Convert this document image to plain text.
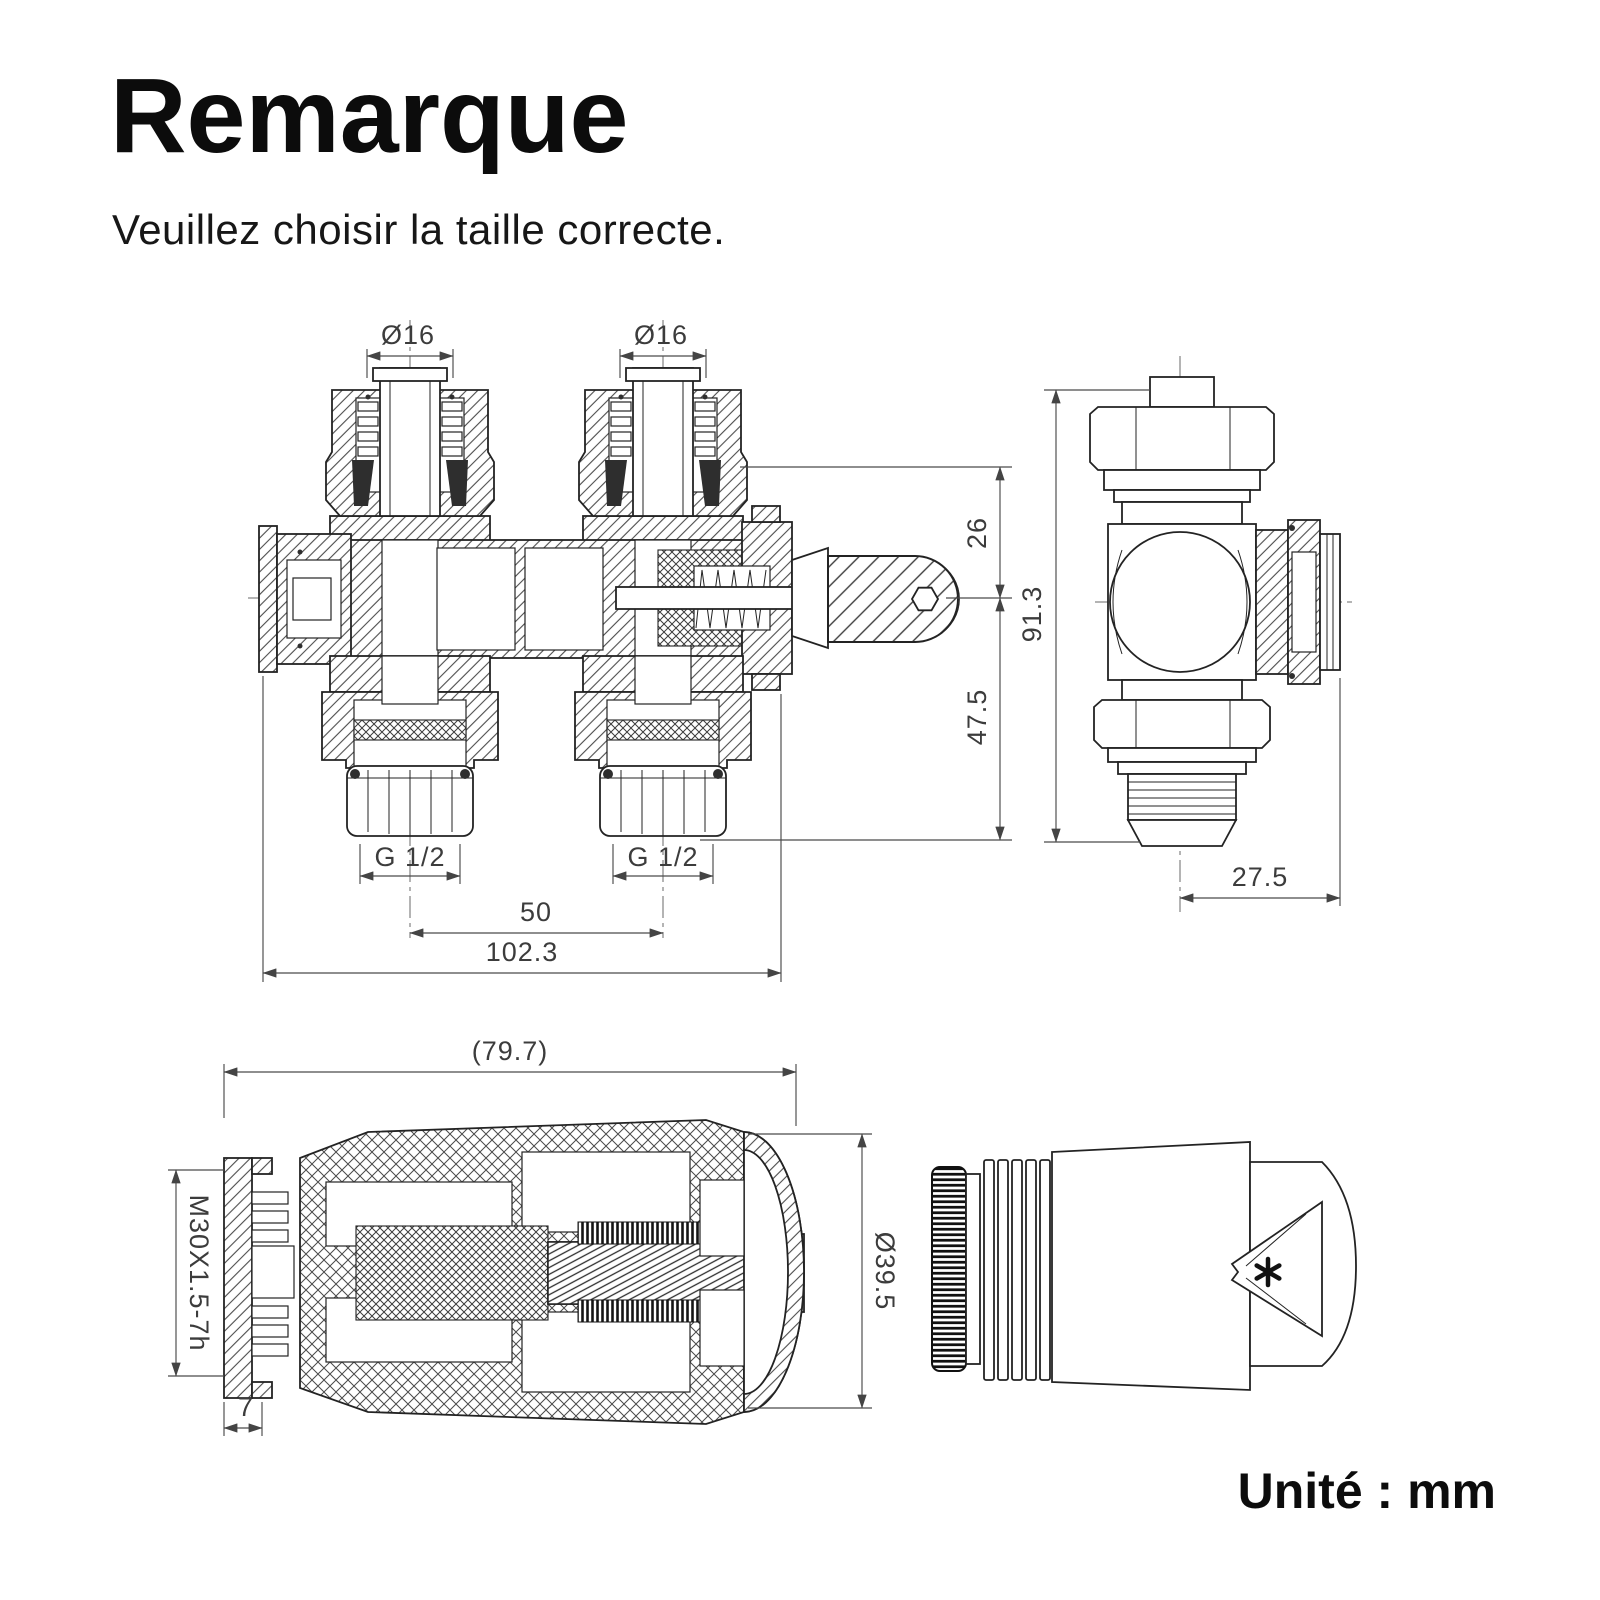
Remarque

Veuillez choisir la taille correcte.

Ø16	Ø16
26
47.5
G 1/2	G 1/2
50
102.3
91.3
27.5
(79.7)
M30X1.5-7h
7
Ø39.5
Unité : mm
